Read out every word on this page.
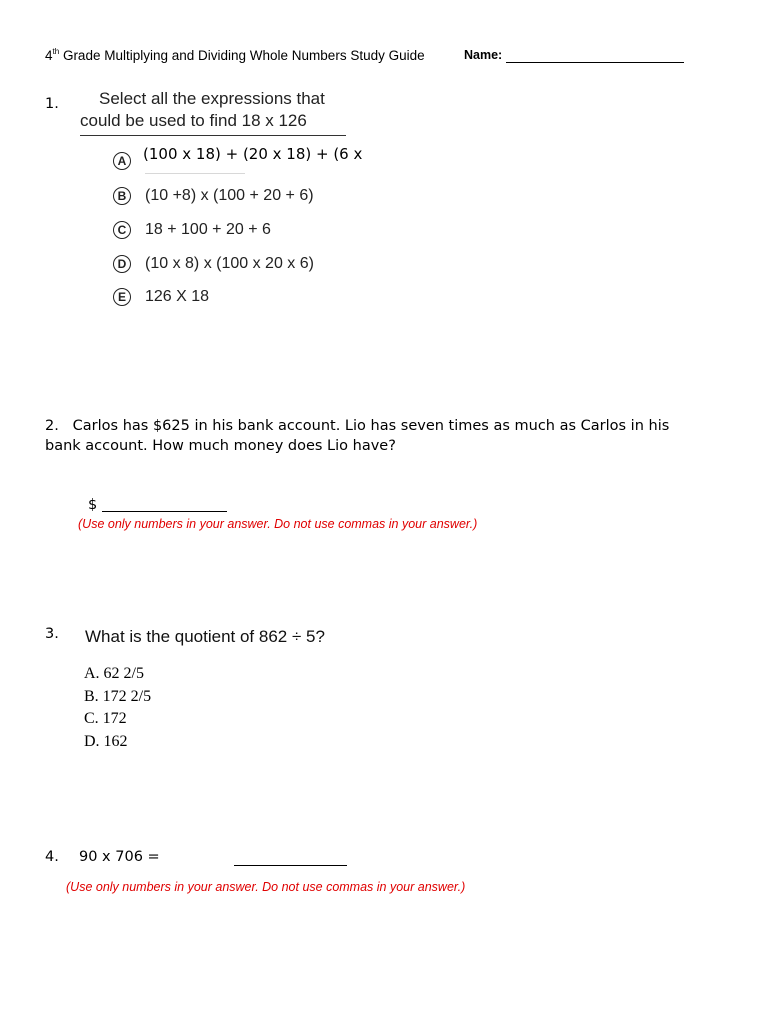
4th Grade Multiplying and Dividing Whole Numbers Study Guide	Name:
1.	Select all the expressions that
could be used to find 18 x 126
A	(100 x 18) + (20 x 18) + (6 x
B (10 +8) x (100 + 20 + 6)
C 18 + 100 + 20 + 6
D (10 x 8) x (100 x 20 x 6)
E	126 X 18
2. Carlos has $625 in his bank account. Lio has seven times as much as Carlos in his
bank account. How much money does Lio have?
$
(Use only numbers in your answer. Do not use commas in your answer.)
3. What is the quotient of 862 ÷ 5?
A. 62 2/5
B. 172 2/5
C. 172
D. 162
4. 90 x 706 =
(Use only numbers in your answer. Do not use commas in your answer.)
